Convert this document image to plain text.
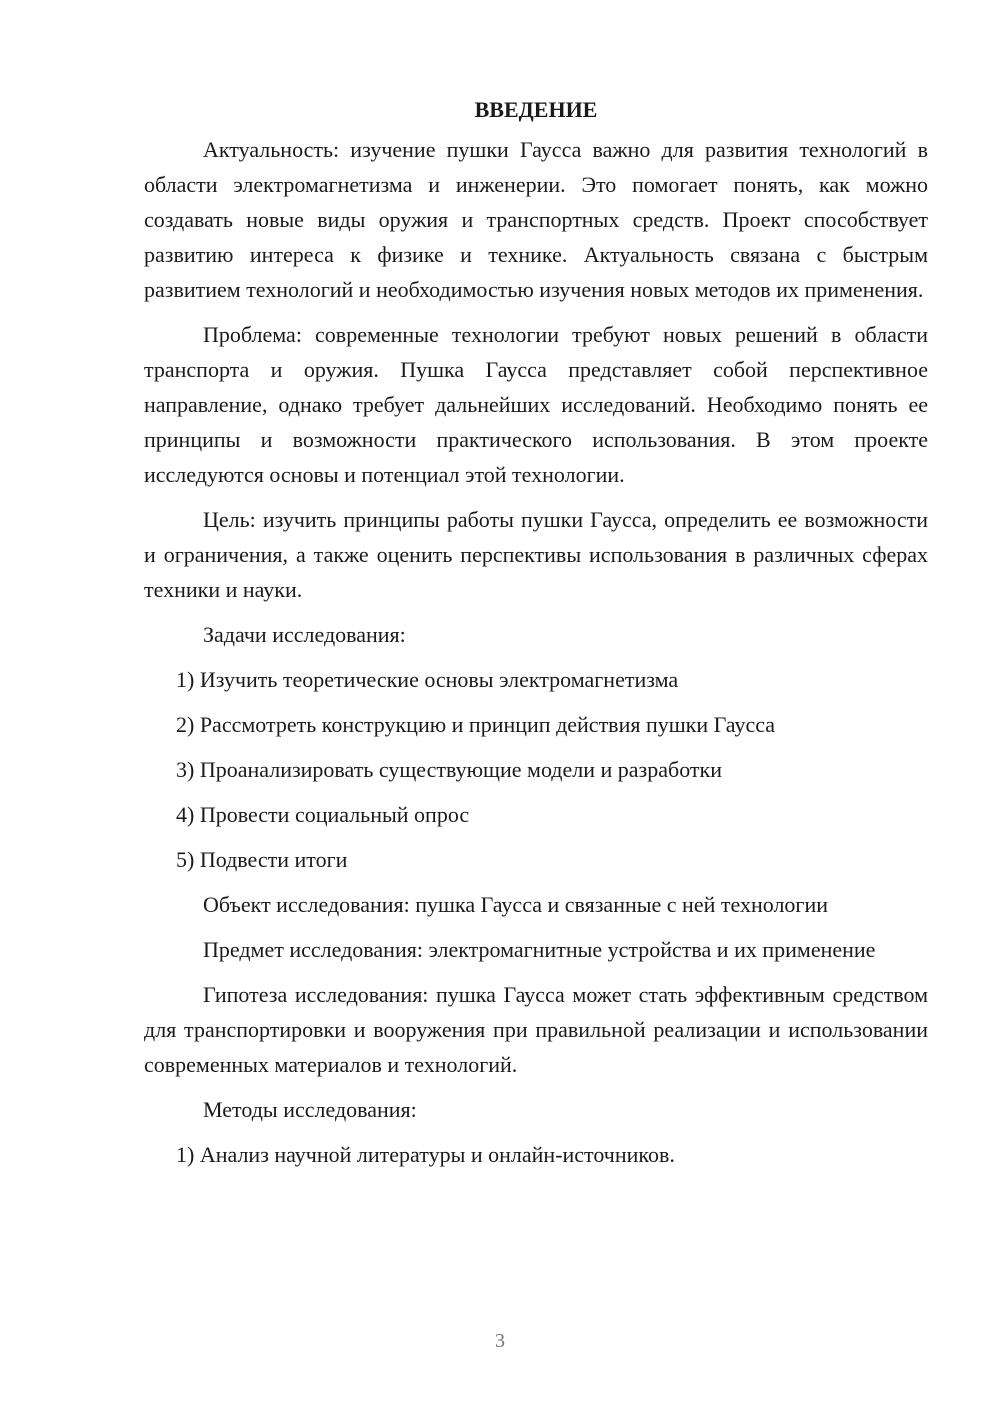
ВВЕДЕНИЕ

Актуальность: изучение пушки Гаусса важно для развития технологий в области электромагнетизма и инженерии. Это помогает понять, как можно создавать новые виды оружия и транспортных средств. Проект способствует развитию интереса к физике и технике. Актуальность связана с быстрым развитием технологий и необходимостью изучения новых методов их применения.

Проблема: современные технологии требуют новых решений в области транспорта и оружия. Пушка Гаусса представляет собой перспективное направление, однако требует дальнейших исследований. Необходимо понять ее принципы и возможности практического использования. В этом проекте исследуются основы и потенциал этой технологии.

Цель: изучить принципы работы пушки Гаусса, определить ее возможности и ограничения, а также оценить перспективы использования в различных сферах техники и науки.

Задачи исследования:

1) Изучить теоретические основы электромагнетизма

2) Рассмотреть конструкцию и принцип действия пушки Гаусса

3) Проанализировать существующие модели и разработки

4) Провести социальный опрос

5) Подвести итоги

Объект исследования: пушка Гаусса и связанные с ней технологии

Предмет исследования: электромагнитные устройства и их применение

Гипотеза исследования: пушка Гаусса может стать эффективным средством для транспортировки и вооружения при правильной реализации и использовании современных материалов и технологий.

Методы исследования:

1) Анализ научной литературы и онлайн-источников.

3
